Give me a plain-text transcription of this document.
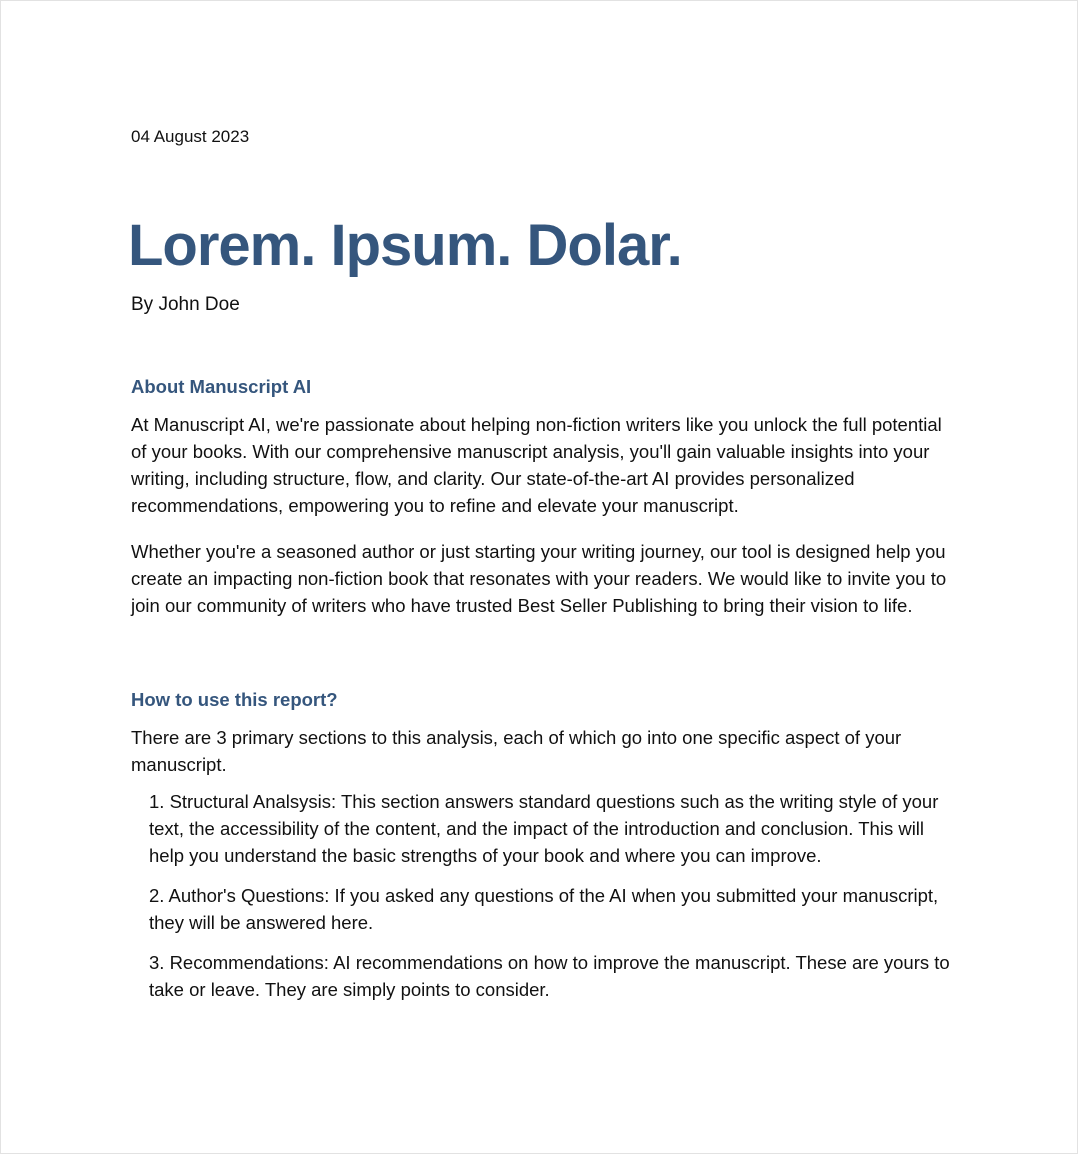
04 August 2023
Lorem. Ipsum. Dolar.
By John Doe
About Manuscript AI

At Manuscript AI, we're passionate about helping non-fiction writers like you unlock the full potential of your books. With our comprehensive manuscript analysis, you'll gain valuable insights into your writing, including structure, flow, and clarity. Our state-of-the-art AI provides personalized recommendations, empowering you to refine and elevate your manuscript.

Whether you're a seasoned author or just starting your writing journey, our tool is designed help you create an impacting non-fiction book that resonates with your readers. We would like to invite you to join our community of writers who have trusted Best Seller Publishing to bring their vision to life.

How to use this report?

There are 3 primary sections to this analysis, each of which go into one specific aspect of your manuscript.

1. Structural Analsysis: This section answers standard questions such as the writing style of your text, the accessibility of the content, and the impact of the introduction and conclusion. This will help you understand the basic strengths of your book and where you can improve.
2. Author's Questions: If you asked any questions of the AI when you submitted your manuscript, they will be answered here.
3. Recommendations: AI recommendations on how to improve the manuscript. These are yours to take or leave. They are simply points to consider.
